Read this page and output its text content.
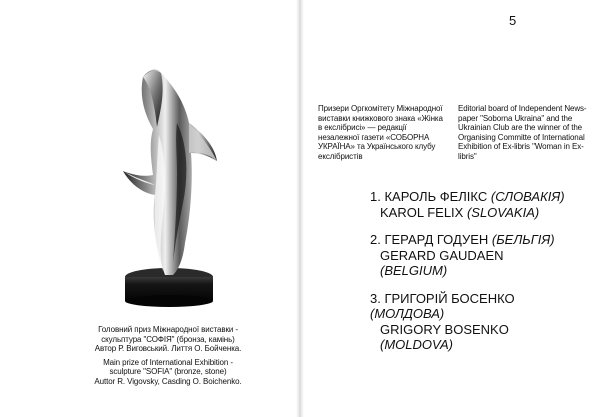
5
Головний приз Міжнародної виставки -
скульптура "СОФІЯ" (бронза, камінь)
Автор Р. Виговський. Лиття О. Бойченка.
Main prize of International Exhibition -
sculpture "SOFIA" (bronze, stone)
Auttor R. Vigovsky, Casding O. Boichenko.
Призери Оргкомітету Міжнародної
виставки книжкового знака «Жінка
в екслібрисі» — редакції
незалежної газети «СОБОРНА
УКРАЇНА» та Українського клубу
екслібристів
Editorial board of Independent News-
paper "Soborna Ukraina" and the
Ukrainian Club are the winner of the
Organising Committe of International
Exhibition of Ex-libris "Woman in Ex-
libris"
1. КАРОЛЬ ФЕЛІКС (СЛОВАКІЯ)
KAROL FELIX (SLOVAKIA)
2. ГЕРАРД ГОДУЕН (БЕЛЬГІЯ)
GERARD GAUDAEN (BELGIUM)
3. ГРИГОРІЙ БОСЕНКО (МОЛДОВА)
GRIGORY BOSENKO (MOLDOVA)
